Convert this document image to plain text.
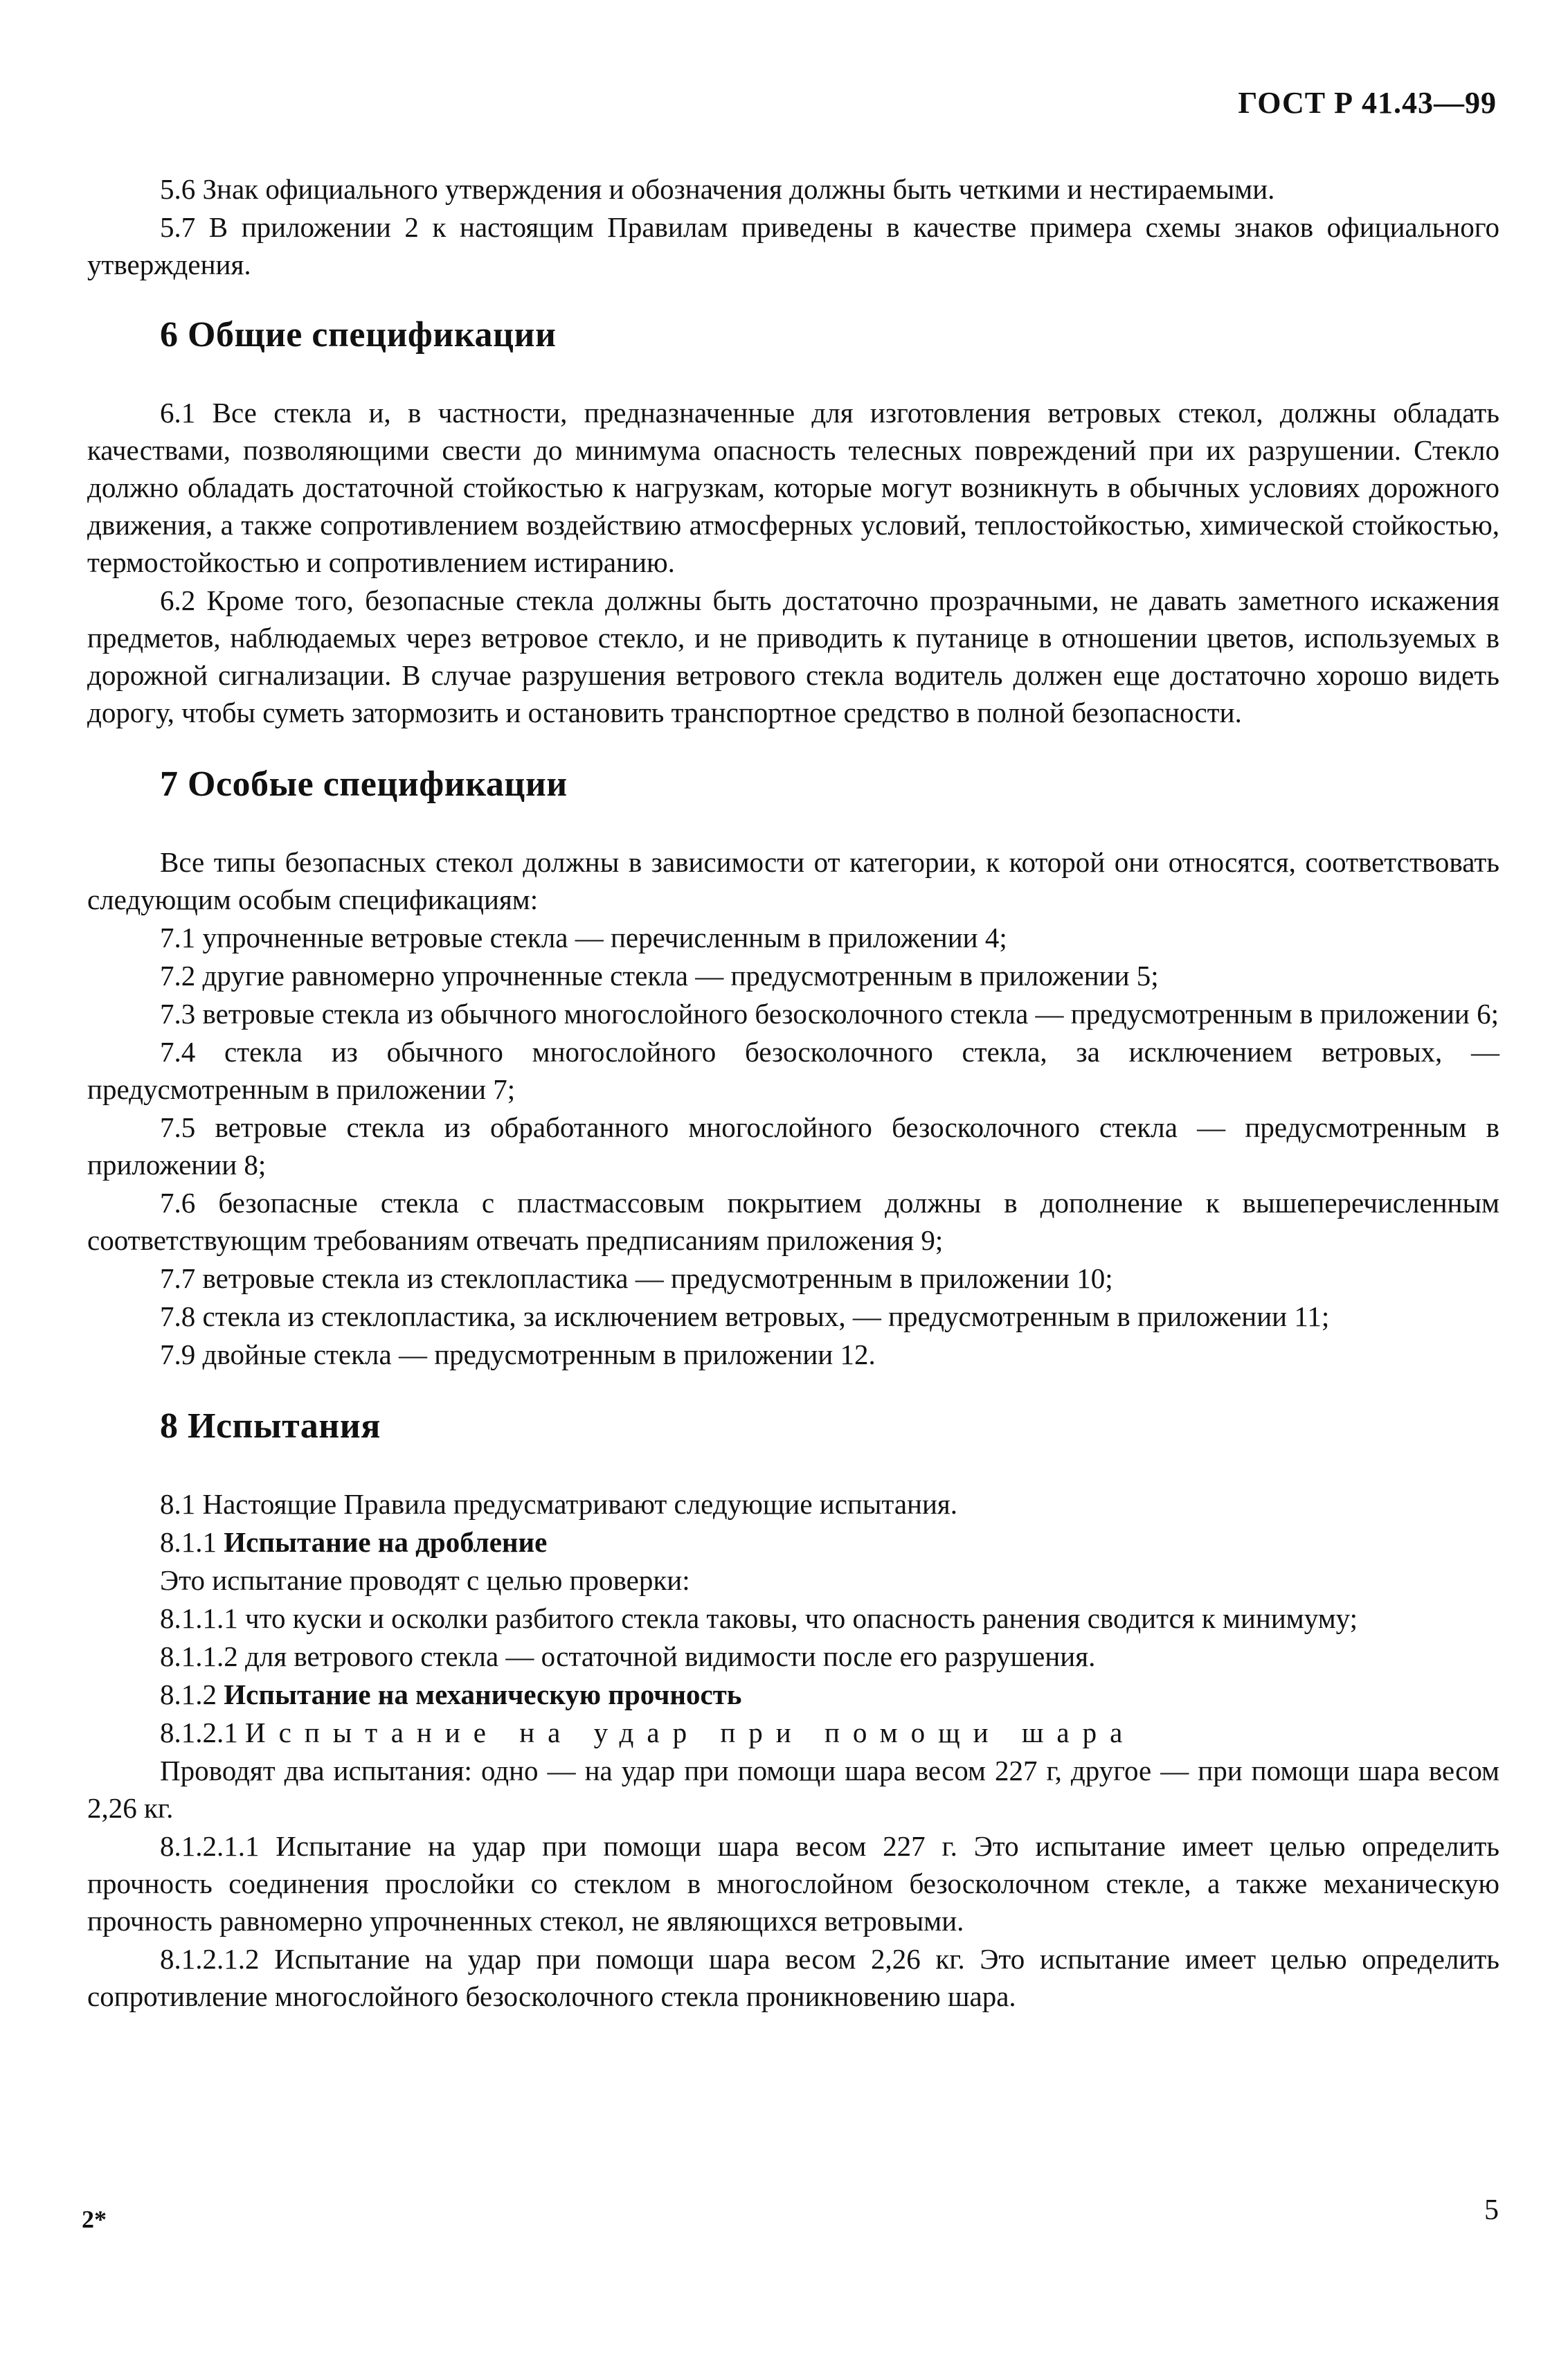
ГОСТ Р 41.43—99

5.6 Знак официального утверждения и обозначения должны быть четкими и нестираемыми.

5.7 В приложении 2 к настоящим Правилам приведены в качестве примера схемы знаков официального утверждения.

6 Общие спецификации

6.1 Все стекла и, в частности, предназначенные для изготовления ветровых стекол, должны обладать качествами, позволяющими свести до минимума опасность телесных повреждений при их разрушении. Стекло должно обладать достаточной стойкостью к нагрузкам, которые могут возникнуть в обычных условиях дорожного движения, а также сопротивлением воздействию атмосферных условий, теплостойкостью, химической стойкостью, термостойкостью и сопротивлением истиранию.

6.2 Кроме того, безопасные стекла должны быть достаточно прозрачными, не давать заметного искажения предметов, наблюдаемых через ветровое стекло, и не приводить к путанице в отношении цветов, используемых в дорожной сигнализации. В случае разрушения ветрового стекла водитель должен еще достаточно хорошо видеть дорогу, чтобы суметь затормозить и остановить транспортное средство в полной безопасности.

7 Особые спецификации

Все типы безопасных стекол должны в зависимости от категории, к которой они относятся, соответствовать следующим особым спецификациям:

7.1 упрочненные ветровые стекла — перечисленным в приложении 4;

7.2 другие равномерно упрочненные стекла — предусмотренным в приложении 5;

7.3 ветровые стекла из обычного многослойного безосколочного стекла — предусмотренным в приложении 6;

7.4 стекла из обычного многослойного безосколочного стекла, за исключением ветровых, — предусмотренным в приложении 7;

7.5 ветровые стекла из обработанного многослойного безосколочного стекла — предусмотренным в приложении 8;

7.6 безопасные стекла с пластмассовым покрытием должны в дополнение к вышеперечисленным соответствующим требованиям отвечать предписаниям приложения 9;

7.7 ветровые стекла из стеклопластика — предусмотренным в приложении 10;

7.8 стекла из стеклопластика, за исключением ветровых, — предусмотренным в приложении 11;

7.9 двойные стекла — предусмотренным в приложении 12.

8 Испытания

8.1 Настоящие Правила предусматривают следующие испытания.

8.1.1 Испытание на дробление

Это испытание проводят с целью проверки:

8.1.1.1 что куски и осколки разбитого стекла таковы, что опасность ранения сводится к минимуму;

8.1.1.2 для ветрового стекла — остаточной видимости после его разрушения.

8.1.2 Испытание на механическую прочность

8.1.2.1 Испытание на удар при помощи шара

Проводят два испытания: одно — на удар при помощи шара весом 227 г, другое — при помощи шара весом 2,26 кг.

8.1.2.1.1 Испытание на удар при помощи шара весом 227 г. Это испытание имеет целью определить прочность соединения прослойки со стеклом в многослойном безосколочном стекле, а также механическую прочность равномерно упрочненных стекол, не являющихся ветровыми.

8.1.2.1.2 Испытание на удар при помощи шара весом 2,26 кг. Это испытание имеет целью определить сопротивление многослойного безосколочного стекла проникновению шара.

2*	5
